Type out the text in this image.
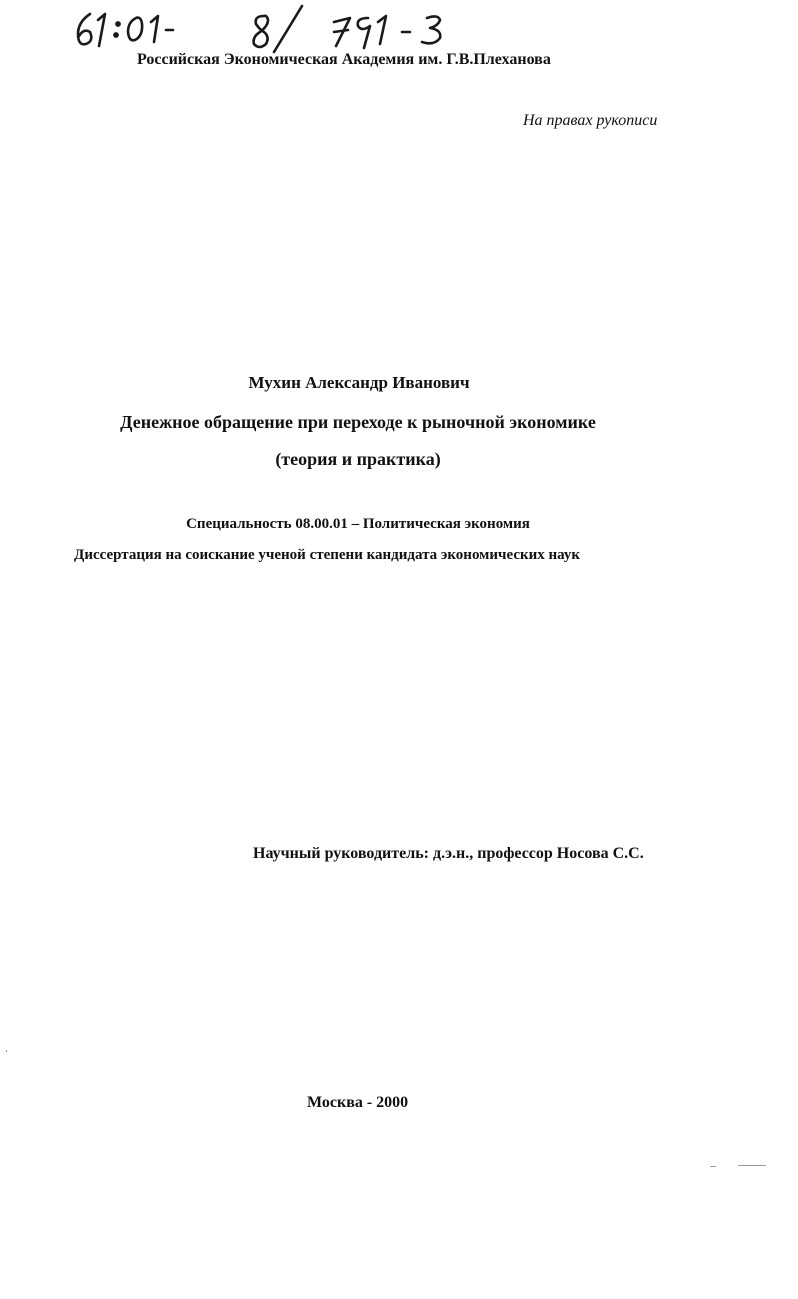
Российская Экономическая Академия им. Г.В.Плеханова
На правах рукописи
Мухин Александр Иванович
Денежное обращение при переходе к рыночной экономике
(теория и практика)
Специальность 08.00.01 – Политическая экономия
Диссертация на соискание ученой степени кандидата экономических наук
Научный руководитель: д.э.н., профессор Носова С.С.
Москва - 2000
